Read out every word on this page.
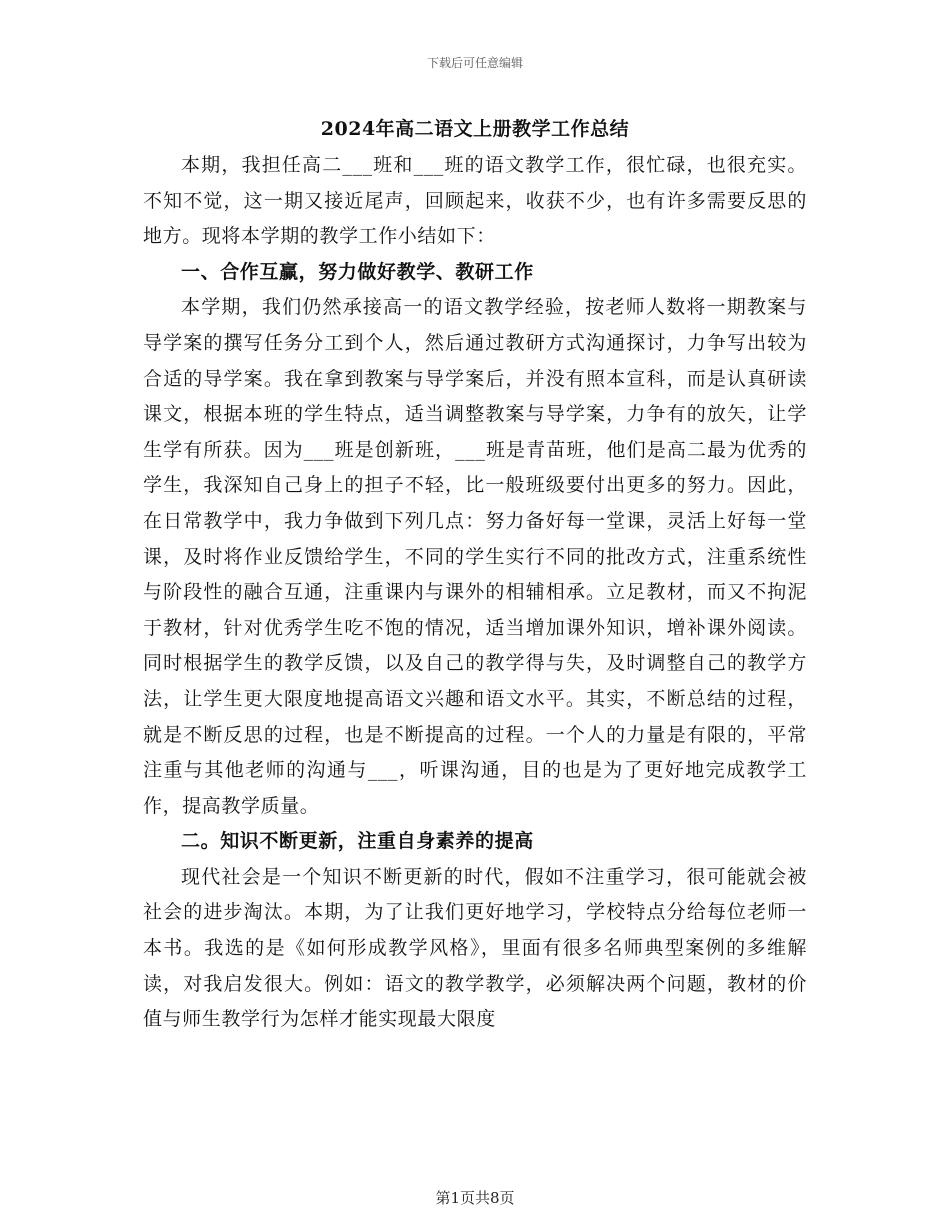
下载后可任意编辑
2024年高二语文上册教学工作总结

本期，我担任高二___班和___班的语文教学工作，很忙碌，也很充实。不知不觉，这一期又接近尾声，回顾起来，收获不少，也有许多需要反思的地方。现将本学期的教学工作小结如下：

一、合作互赢，努力做好教学、教研工作

本学期，我们仍然承接高一的语文教学经验，按老师人数将一期教案与导学案的撰写任务分工到个人，然后通过教研方式沟通探讨，力争写出较为合适的导学案。我在拿到教案与导学案后，并没有照本宣科，而是认真研读课文，根据本班的学生特点，适当调整教案与导学案，力争有的放矢，让学生学有所获。因为___班是创新班，___班是青苗班，他们是高二最为优秀的学生，我深知自己身上的担子不轻，比一般班级要付出更多的努力。因此，在日常教学中，我力争做到下列几点：努力备好每一堂课，灵活上好每一堂课，及时将作业反馈给学生，不同的学生实行不同的批改方式，注重系统性与阶段性的融合互通，注重课内与课外的相辅相承。立足教材，而又不拘泥于教材，针对优秀学生吃不饱的情况，适当增加课外知识，增补课外阅读。同时根据学生的教学反馈，以及自己的教学得与失，及时调整自己的教学方法，让学生更大限度地提高语文兴趣和语文水平。其实，不断总结的过程，就是不断反思的过程，也是不断提高的过程。一个人的力量是有限的，平常注重与其他老师的沟通与___，听课沟通，目的也是为了更好地完成教学工作，提高教学质量。

二。知识不断更新，注重自身素养的提高

现代社会是一个知识不断更新的时代，假如不注重学习，很可能就会被社会的进步淘汰。本期，为了让我们更好地学习，学校特点分给每位老师一本书。我选的是《如何形成教学风格》，里面有很多名师典型案例的多维解读，对我启发很大。例如：语文的教学教学，必须解决两个问题，教材的价值与师生教学行为怎样才能实现最大限度

第1页共8页
